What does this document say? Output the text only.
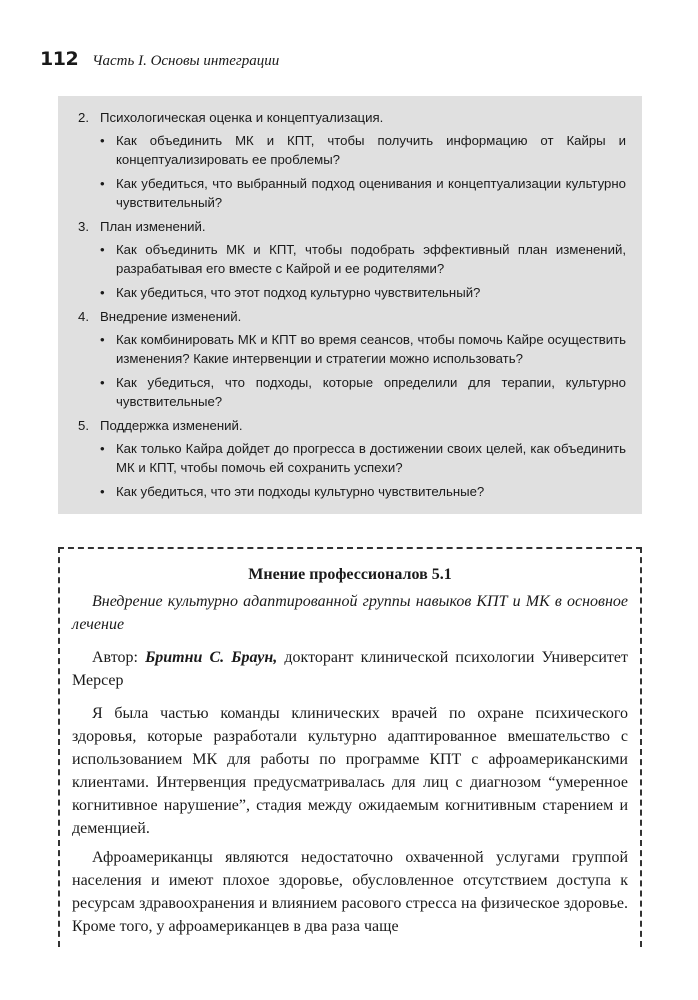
112 Часть I. Основы интеграции
2. Психологическая оценка и концептуализация.
• Как объединить МК и КПТ, чтобы получить информацию от Кайры и концептуализировать ее проблемы?
• Как убедиться, что выбранный подход оценивания и концептуализации культурно чувствительный?
3. План изменений.
• Как объединить МК и КПТ, чтобы подобрать эффективный план изменений, разрабатывая его вместе с Кайрой и ее родителями?
• Как убедиться, что этот подход культурно чувствительный?
4. Внедрение изменений.
• Как комбинировать МК и КПТ во время сеансов, чтобы помочь Кайре осуществить изменения? Какие интервенции и стратегии можно использовать?
• Как убедиться, что подходы, которые определили для терапии, культурно чувствительные?
5. Поддержка изменений.
• Как только Кайра дойдет до прогресса в достижении своих целей, как объединить МК и КПТ, чтобы помочь ей сохранить успехи?
• Как убедиться, что эти подходы культурно чувствительные?
Мнение профессионалов 5.1
Внедрение культурно адаптированной группы навыков КПТ и МК в основное лечение
Автор: Бритни С. Браун, докторант клинической психологии Университет Мерсер
Я была частью команды клинических врачей по охране психического здоровья, которые разработали культурно адаптированное вмешательство с использованием МК для работы по программе КПТ с афроамериканскими клиентами. Интервенция предусматривалась для лиц с диагнозом “умеренное когнитивное нарушение”, стадия между ожидаемым когнитивным старением и деменцией.
Афроамериканцы являются недостаточно охваченной услугами группой населения и имеют плохое здоровье, обусловленное отсутствием доступа к ресурсам здравоохранения и влиянием расового стресса на физическое здоровье. Кроме того, у афроамериканцев в два раза чаще
